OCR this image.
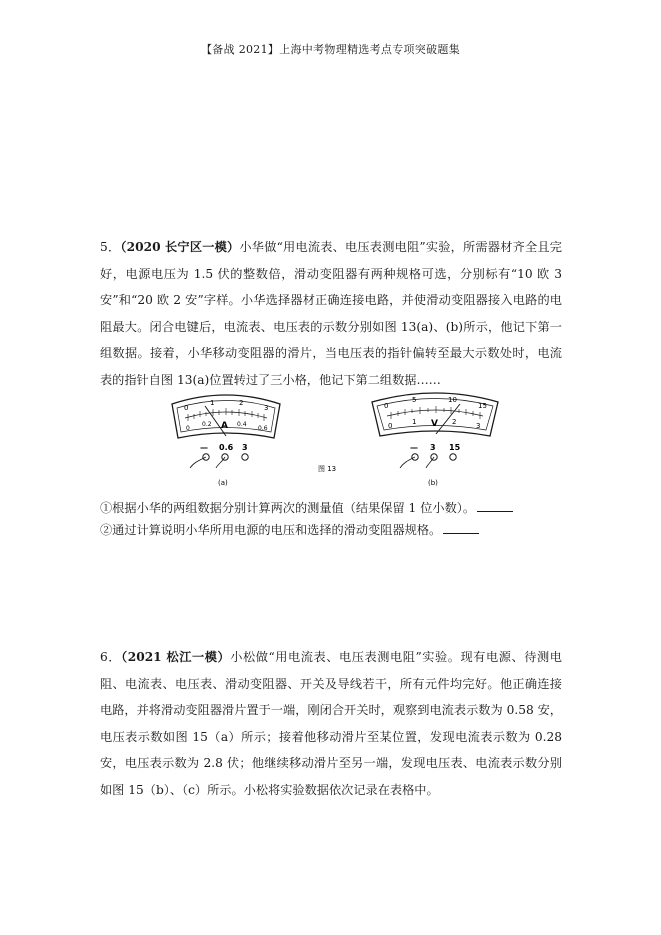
【备战 2021】上海中考物理精选考点专项突破题集
5．（2020 长宁区一模）小华做“用电流表、电压表测电阻”实验，所需器材齐全且完好，电源电压为 1.5 伏的整数倍，滑动变阻器有两种规格可选，分别标有“10 欧 3 安”和“20 欧 2 安”字样。小华选择器材正确连接电路，并使滑动变阻器接入电路的电阻最大。闭合电键后，电流表、电压表的示数分别如图 13(a)、(b)所示，他记下第一组数据。接着，小华移动变阻器的滑片，当电压表的指针偏转至最大示数处时，电流表的指针自图 13(a)位置转过了三小格，他记下第二组数据……
0
1	2
3
0
0.2	0.4
0.6
A
— 0.6 3
(a)
图 13
0
5	10
15
0	1	2	3
V
— 3 15
(b)
①根据小华的两组数据分别计算两次的测量值（结果保留 1 位小数）。
②通过计算说明小华所用电源的电压和选择的滑动变阻器规格。
6．（2021 松江一模）小松做“用电流表、电压表测电阻”实验。现有电源、待测电阻、电流表、电压表、滑动变阻器、开关及导线若干，所有元件均完好。他正确连接电路，并将滑动变阻器滑片置于一端，刚闭合开关时，观察到电流表示数为 0.58 安，电压表示数如图 15（a）所示；接着他移动滑片至某位置，发现电流表示数为 0.28 安，电压表示数为 2.8 伏；他继续移动滑片至另一端，发现电压表、电流表示数分别如图 15（b）、（c）所示。小松将实验数据依次记录在表格中。
